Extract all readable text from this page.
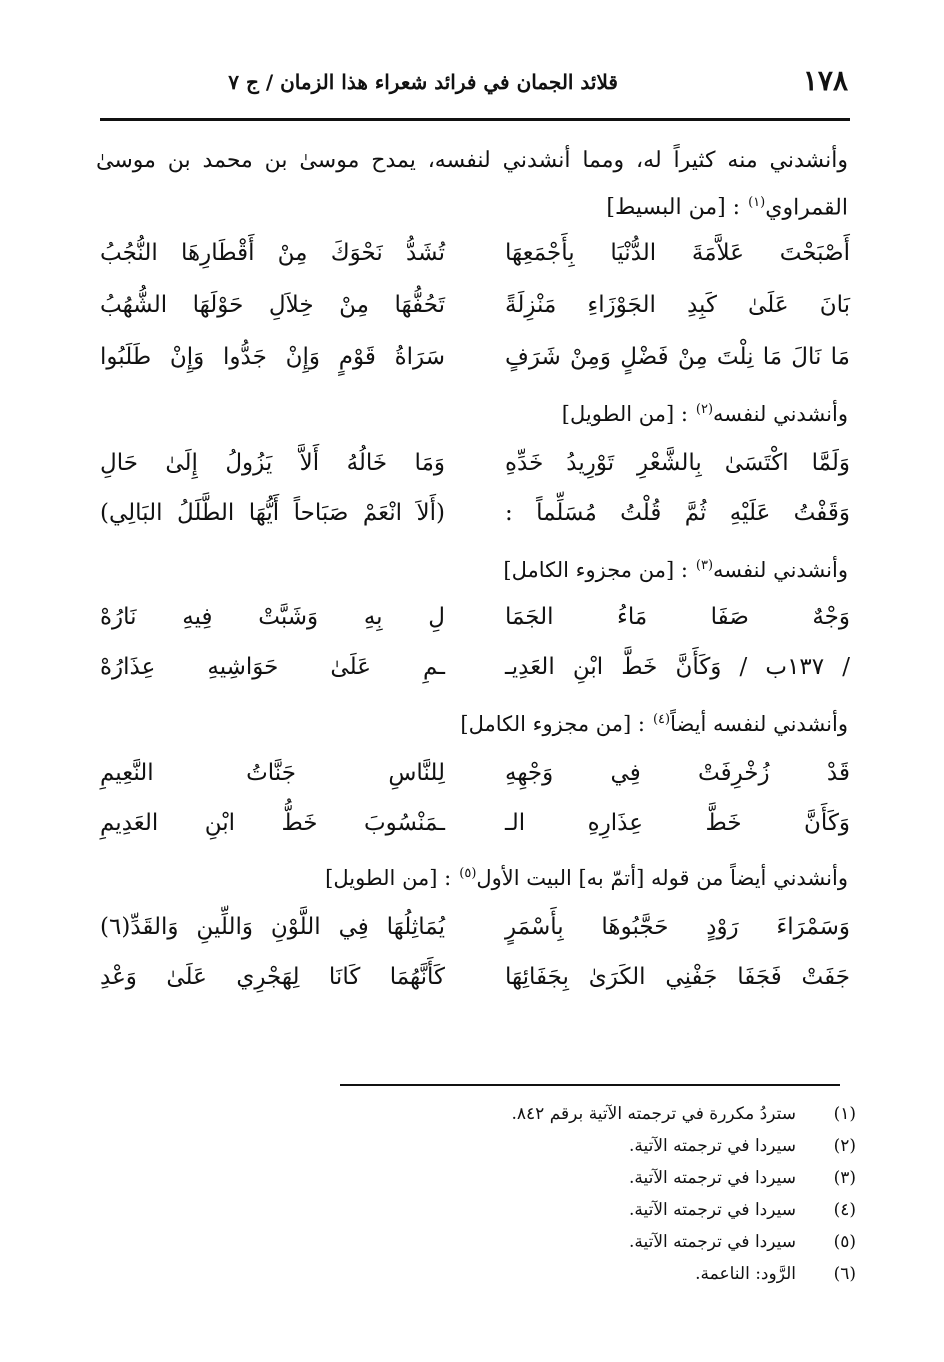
١٧٨
قلائد الجمان في فرائد شعراء هذا الزمان / ج ٧
وأنشدني منه كثيراً له، ومما أنشدني لنفسه، يمدح موسىٰ بن محمد بن موسىٰ القمراوي$^{(١)}$: [من البسيط]
أَصْبَحْتَ عَلاَّمَةَ الدُّنْيَا بِأَجْمَعِهَا
تُشَدُّ نَحْوَكَ مِنْ أَقْطَارِهَا النُّجُبُ
بَانَ عَلَىٰ كَبِدِ الجَوْزَاءِ مَنْزِلَةً
تَحُفُّهَا مِنْ خِلاَلِ حَوْلَهَا الشُّهُبُ
مَا نَالَ مَا نِلْتَ مِنْ فَضْلٍ وَمِنْ شَرَفٍ
سَرَاةُ قَوْمٍ وَإِنْ جَدُّوا وَإِنْ طَلَبُوا
وأنشدني لنفسه$^{(٢)}$: [من الطويل]
وَلَمَّا اكْتَسَىٰ بِالشَّعْرِ تَوْرِيدُ خَدِّهِ
وَمَا خَالُهُ أَلاَّ يَزُولُ إِلَىٰ حَالِ
وَقَفْتُ عَلَيْهِ ثُمَّ قُلْتُ مُسَلِّماً :
(أَلاَ انْعَمْ صَبَاحاً أَيُّهَا الطَّلَلُ البَالِي)
وأنشدني لنفسه$^{(٣)}$: [من مجزوء الكامل]
وَجْهٌ صَفَا مَاءُ الجَمَا
لِ بِهِ وَشَبَّتْ فِيهِ نَارُهْ
/ ١٣٧ب / وَكَأَنَّ خَطَّ ابْنِ العَدِيـ
ـمِ عَلَىٰ حَوَاشِيهِ عِذَارُهْ
وأنشدني لنفسه أيضاً$^{(٤)}$: [من مجزوء الكامل]
قَدْ زُخْرِفَتْ فِي وَجْهِهِ
لِلنَّاسِ جَنَّاتُ النَّعِيمِ
وَكَأَنَّ خَطَّ عِذَارِهِ الـ
ـمَنْسُوبَ خَطُّ ابْنِ العَدِيمِ
وأنشدني أيضاً من قوله [أتمّ به] البيت الأول$^{(٥)}$: [من الطويل]
وَسَمْرَاءَ رَوْدٍ حَجَّبُوهَا بِأَسْمَرٍ
يُمَاثِلُهَا فِي اللَّوْنِ وَاللِّينِ وَالقَدِّ(٦)
جَفَتْ فَجَفَا جَفْنِي الكَرَىٰ بِجَفَائِهَا
كَأَنَّهُمَا كَانَا لِهَجْرِي عَلَىٰ وَعْدِ
(١)ستردُ مكررة في ترجمته الآتية برقم ٨٤٢.
(٢)سيردا في ترجمته الآتية.
(٣)سيردا في ترجمته الآتية.
(٤)سيردا في ترجمته الآتية.
(٥)سيردا في ترجمته الآتية.
(٦)الرَّود: الناعمة.
